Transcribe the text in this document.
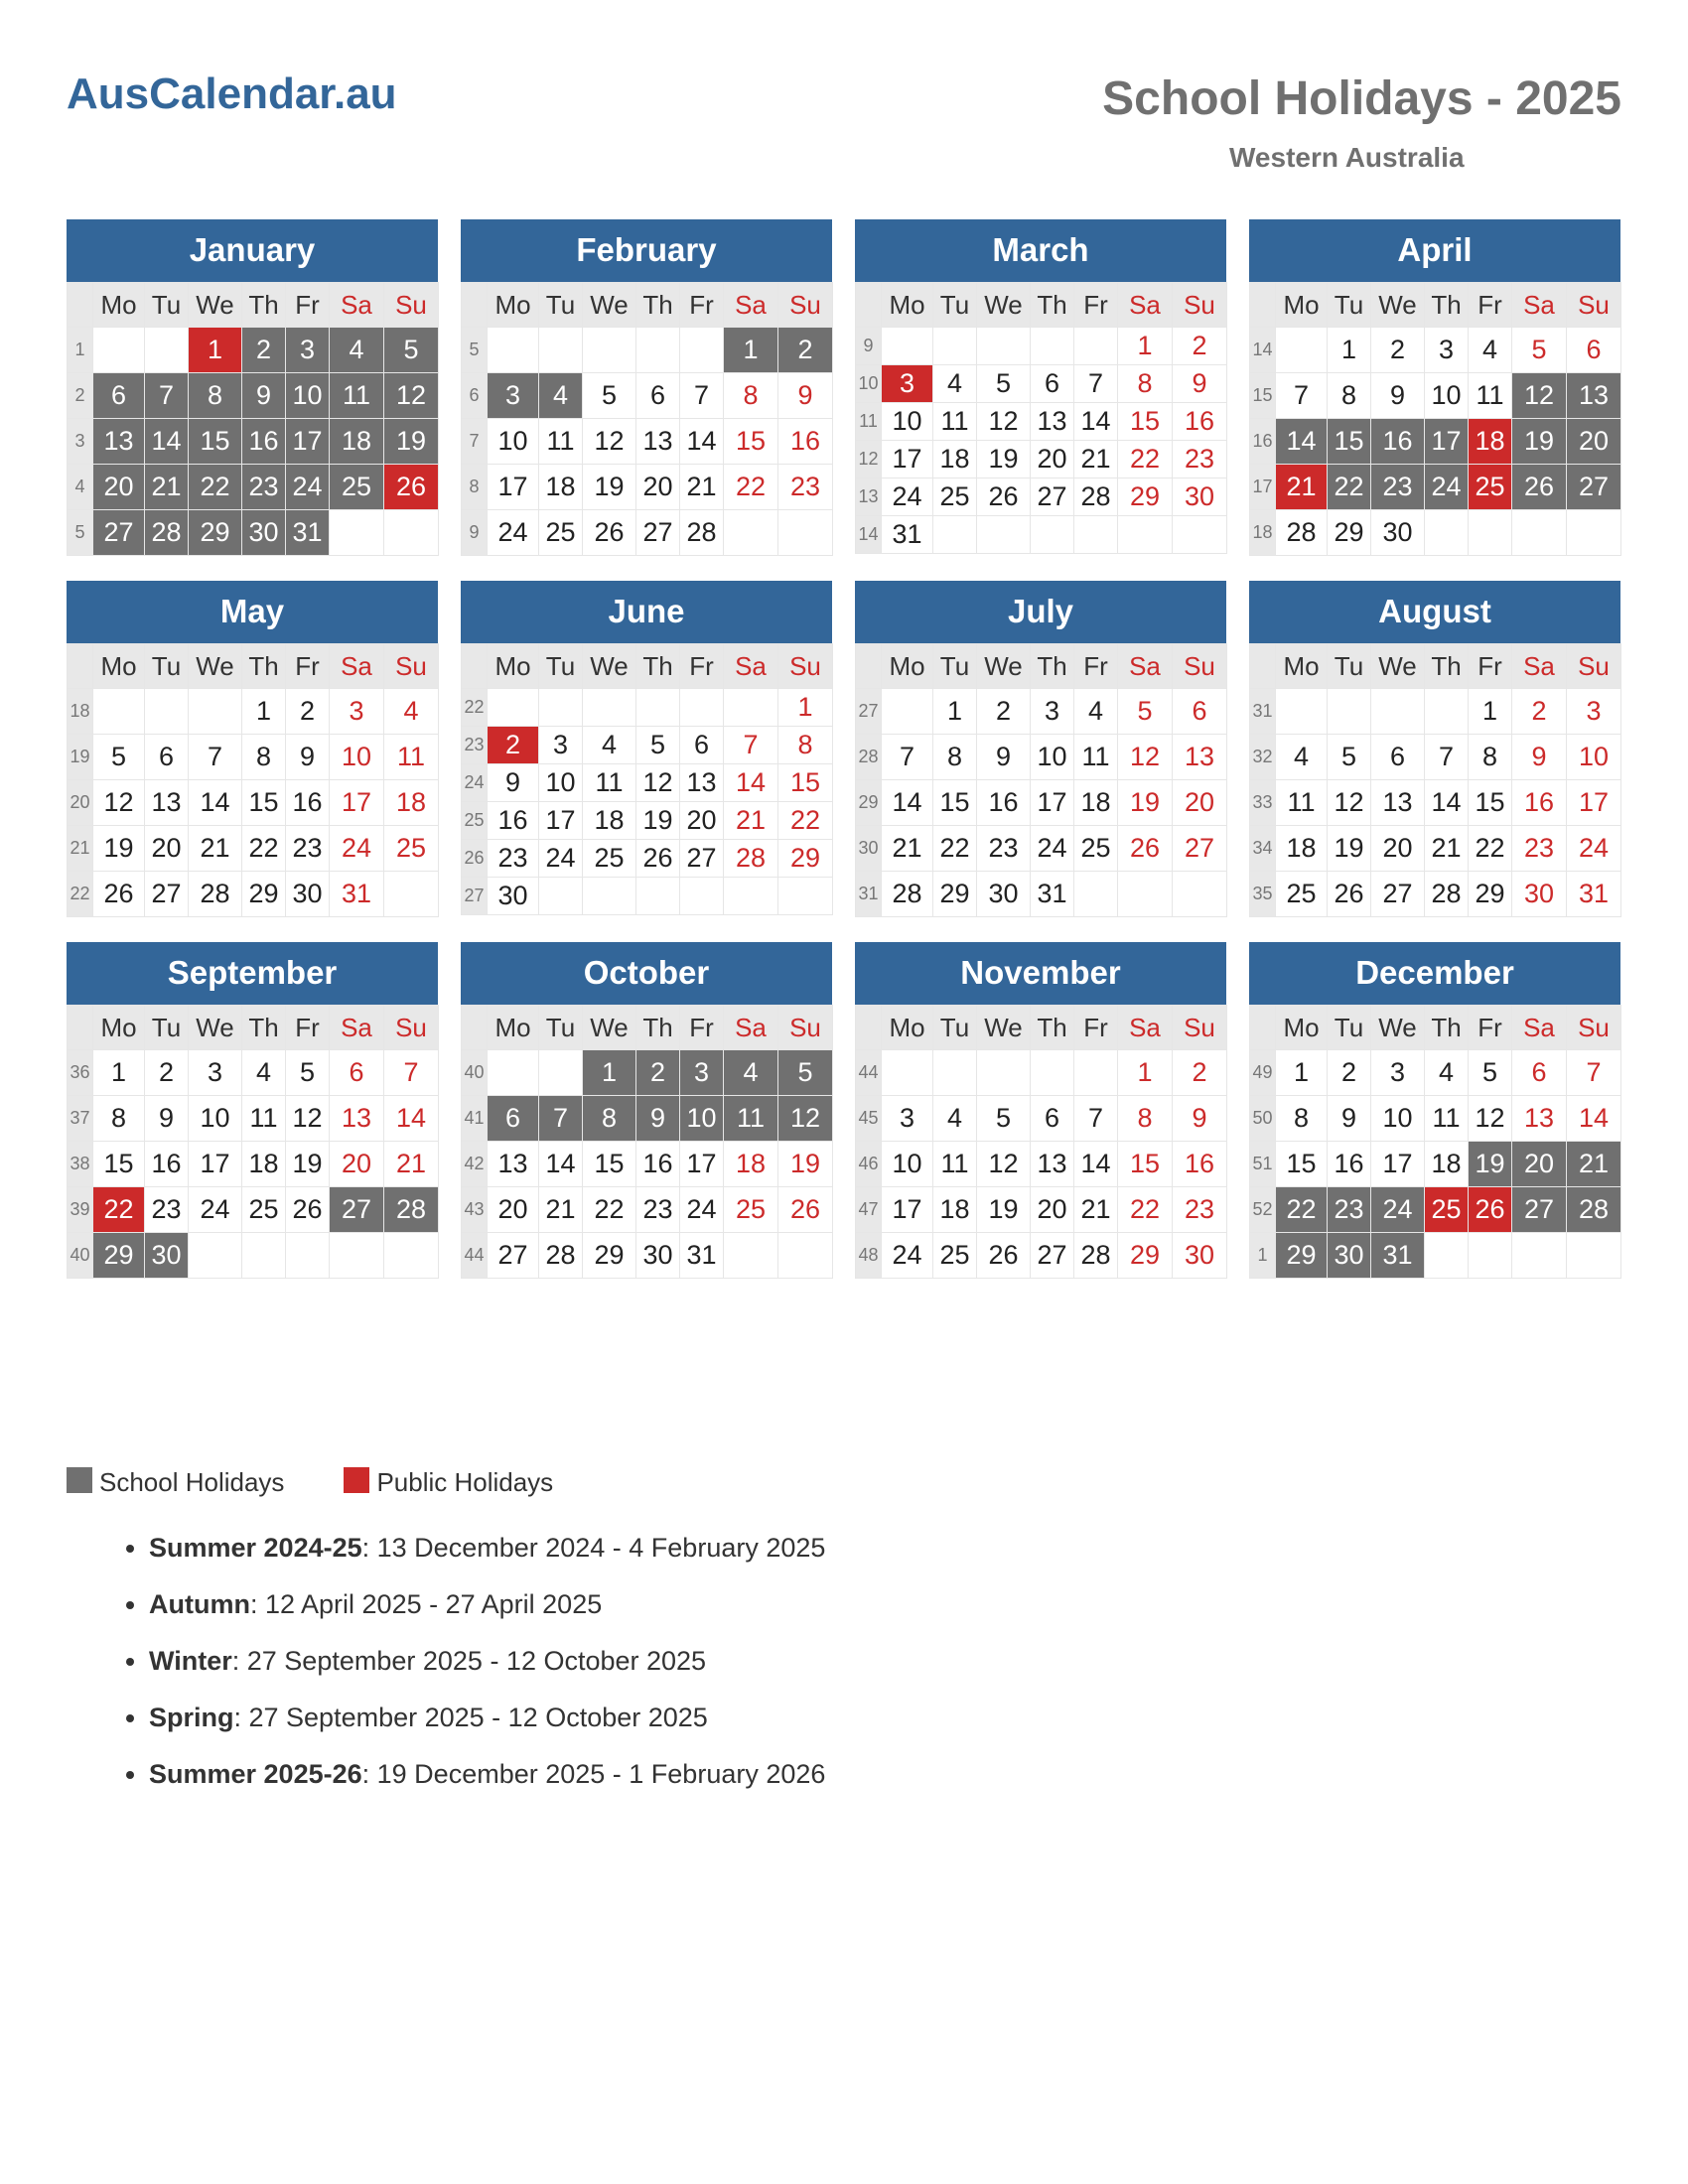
AusCalendar.au	School Holidays - 2025
Western Australia
January
	Mo	Tu	We	Th	Fr	Sa	Su
1			1	2	3	4	5
2	6	7	8	9	10	11	12
3	13	14	15	16	17	18	19
4	20	21	22	23	24	25	26
5	27	28	29	30	31		
February
	Mo	Tu	We	Th	Fr	Sa	Su
5						1	2
6	3	4	5	6	7	8	9
7	10	11	12	13	14	15	16
8	17	18	19	20	21	22	23
9	24	25	26	27	28		
March
	Mo	Tu	We	Th	Fr	Sa	Su
9						1	2
10	3	4	5	6	7	8	9
11	10	11	12	13	14	15	16
12	17	18	19	20	21	22	23
13	24	25	26	27	28	29	30
14	31						
April
	Mo	Tu	We	Th	Fr	Sa	Su
14		1	2	3	4	5	6
15	7	8	9	10	11	12	13
16	14	15	16	17	18	19	20
17	21	22	23	24	25	26	27
18	28	29	30				
May
	Mo	Tu	We	Th	Fr	Sa	Su
18				1	2	3	4
19	5	6	7	8	9	10	11
20	12	13	14	15	16	17	18
21	19	20	21	22	23	24	25
22	26	27	28	29	30	31	
June
	Mo	Tu	We	Th	Fr	Sa	Su
22							1
23	2	3	4	5	6	7	8
24	9	10	11	12	13	14	15
25	16	17	18	19	20	21	22
26	23	24	25	26	27	28	29
27	30						
July
	Mo	Tu	We	Th	Fr	Sa	Su
27		1	2	3	4	5	6
28	7	8	9	10	11	12	13
29	14	15	16	17	18	19	20
30	21	22	23	24	25	26	27
31	28	29	30	31			
August
	Mo	Tu	We	Th	Fr	Sa	Su
31					1	2	3
32	4	5	6	7	8	9	10
33	11	12	13	14	15	16	17
34	18	19	20	21	22	23	24
35	25	26	27	28	29	30	31
September
	Mo	Tu	We	Th	Fr	Sa	Su
36	1	2	3	4	5	6	7
37	8	9	10	11	12	13	14
38	15	16	17	18	19	20	21
39	22	23	24	25	26	27	28
40	29	30					
October
	Mo	Tu	We	Th	Fr	Sa	Su
40			1	2	3	4	5
41	6	7	8	9	10	11	12
42	13	14	15	16	17	18	19
43	20	21	22	23	24	25	26
44	27	28	29	30	31		
November
	Mo	Tu	We	Th	Fr	Sa	Su
44						1	2
45	3	4	5	6	7	8	9
46	10	11	12	13	14	15	16
47	17	18	19	20	21	22	23
48	24	25	26	27	28	29	30
December
	Mo	Tu	We	Th	Fr	Sa	Su
49	1	2	3	4	5	6	7
50	8	9	10	11	12	13	14
51	15	16	17	18	19	20	21
52	22	23	24	25	26	27	28
1	29	30	31				
School Holidays	Public Holidays
• Summer 2024-25: 13 December 2024 - 4 February 2025
• Autumn: 12 April 2025 - 27 April 2025
• Winter: 27 September 2025 - 12 October 2025
• Spring: 27 September 2025 - 12 October 2025
• Summer 2025-26: 19 December 2025 - 1 February 2026
